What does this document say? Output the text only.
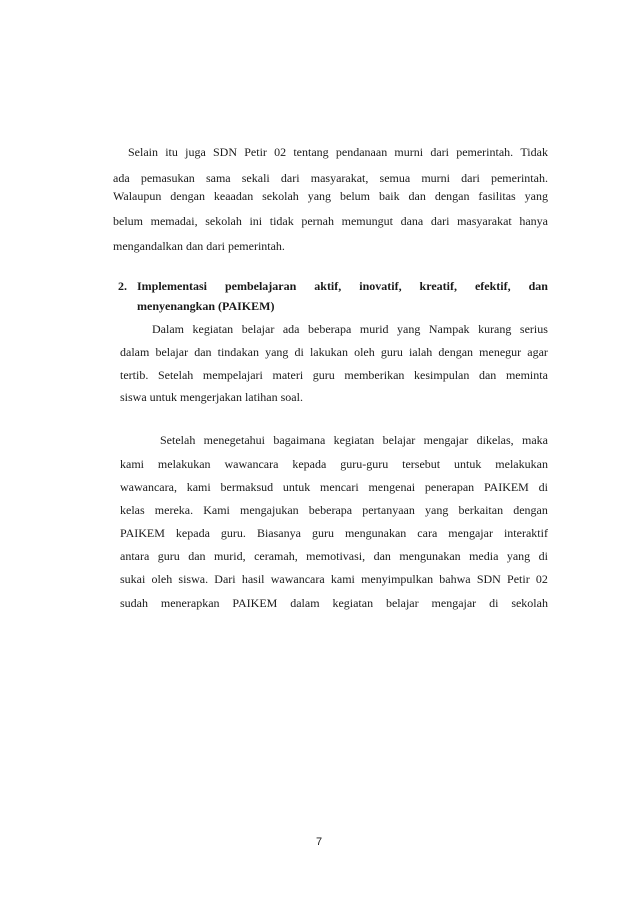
Selain itu juga SDN Petir 02 tentang pendanaan murni dari pemerintah. Tidak
ada pemasukan sama sekali dari masyarakat, semua murni dari pemerintah.
Walaupun dengan keaadan sekolah yang belum baik dan dengan fasilitas yang
belum memadai, sekolah ini tidak pernah memungut dana dari masyarakat hanya
mengandalkan dan dari pemerintah.
2. Implementasi pembelajaran aktif, inovatif, kreatif, efektif, dan
menyenangkan (PAIKEM)
Dalam kegiatan belajar ada beberapa murid yang Nampak kurang serius
dalam belajar dan tindakan yang di lakukan oleh guru ialah dengan menegur agar
tertib. Setelah mempelajari materi guru memberikan kesimpulan dan meminta
siswa untuk mengerjakan latihan soal.
Setelah menegetahui bagaimana kegiatan belajar mengajar dikelas, maka
kami melakukan wawancara kepada guru-guru tersebut untuk melakukan
wawancara, kami bermaksud untuk mencari mengenai penerapan PAIKEM di
kelas mereka. Kami mengajukan beberapa pertanyaan yang berkaitan dengan
PAIKEM kepada guru. Biasanya guru mengunakan cara mengajar interaktif
antara guru dan murid, ceramah, memotivasi, dan mengunakan media yang di
sukai oleh siswa. Dari hasil wawancara kami menyimpulkan bahwa SDN Petir 02
sudah menerapkan PAIKEM dalam kegiatan belajar mengajar di sekolah
7
